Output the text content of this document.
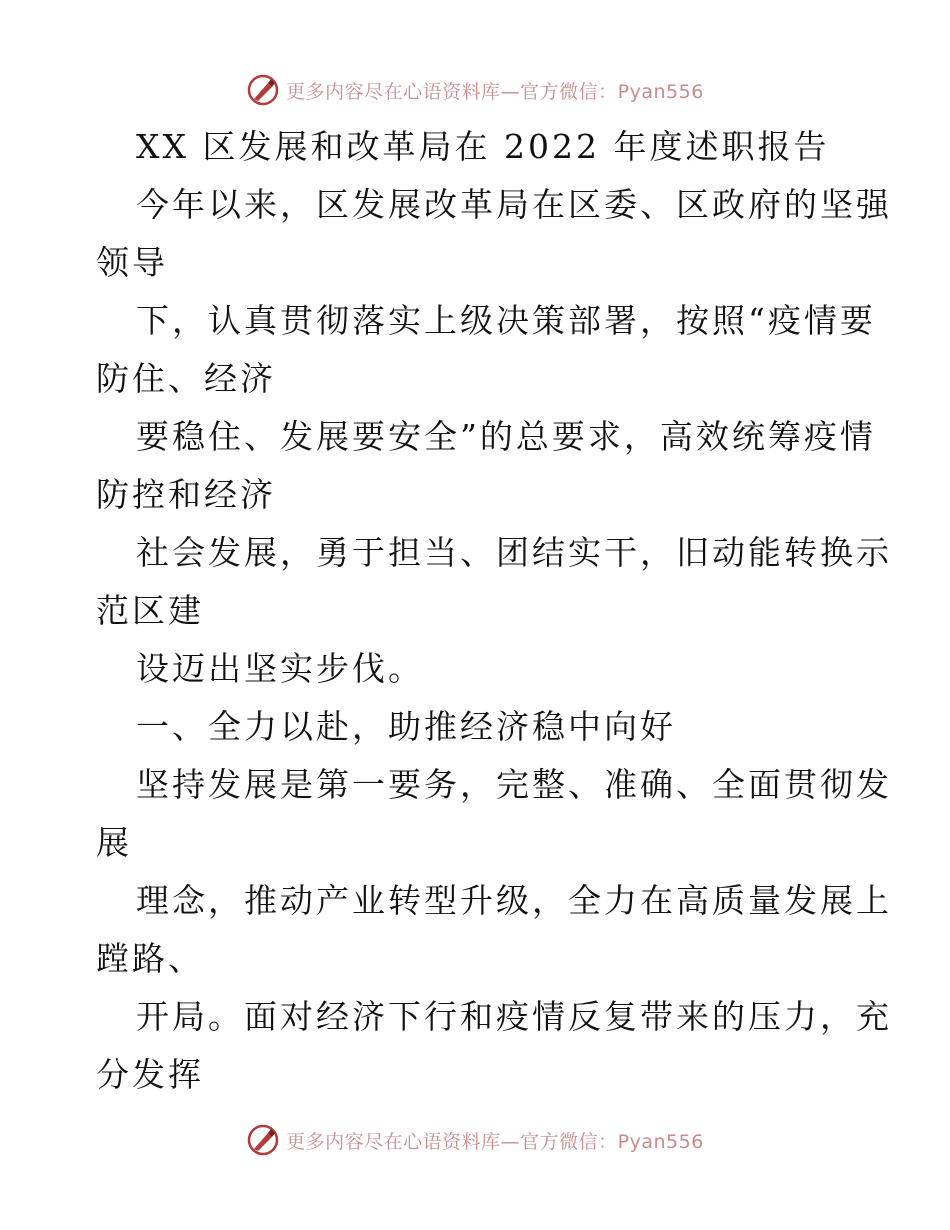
更多内容尽在心语资料库—官方微信：Pyan556
XX 区发展和改革局在 2022 年度述职报告
今年以来，区发展改革局在区委、区政府的坚强
领导
下，认真贯彻落实上级决策部署，按照“疫情要
防住、经济
要稳住、发展要安全”的总要求，高效统筹疫情
防控和经济
社会发展，勇于担当、团结实干，旧动能转换示
范区建
设迈出坚实步伐。
一、全力以赴，助推经济稳中向好
坚持发展是第一要务，完整、准确、全面贯彻发
展
理念，推动产业转型升级，全力在高质量发展上
蹚路、
开局。面对经济下行和疫情反复带来的压力，充
分发挥
更多内容尽在心语资料库—官方微信：Pyan556
